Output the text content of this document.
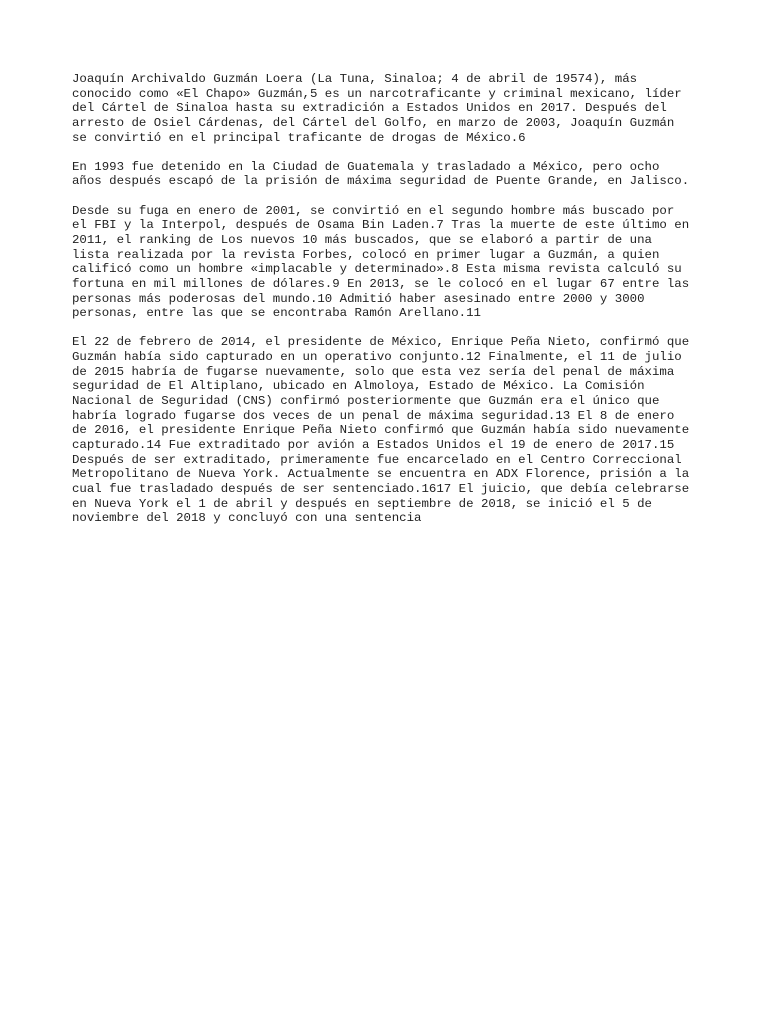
Joaquín Archivaldo Guzmán Loera (La Tuna, Sinaloa; 4 de abril de 19574), más
conocido como «El Chapo» Guzmán,5 es un narcotraficante y criminal mexicano, líder
del Cártel de Sinaloa hasta su extradición a Estados Unidos en 2017. Después del
arresto de Osiel Cárdenas, del Cártel del Golfo, en marzo de 2003, Joaquín Guzmán
se convirtió en el principal traficante de drogas de México.6

En 1993 fue detenido en la Ciudad de Guatemala y trasladado a México, pero ocho
años después escapó de la prisión de máxima seguridad de Puente Grande, en Jalisco.

Desde su fuga en enero de 2001, se convirtió en el segundo hombre más buscado por
el FBI y la Interpol, después de Osama Bin Laden.7 Tras la muerte de este último en
2011, el ranking de Los nuevos 10 más buscados, que se elaboró a partir de una
lista realizada por la revista Forbes, colocó en primer lugar a Guzmán, a quien
calificó como un hombre «implacable y determinado».8 Esta misma revista calculó su
fortuna en mil millones de dólares.9 En 2013, se le colocó en el lugar 67 entre las
personas más poderosas del mundo.10 Admitió haber asesinado entre 2000 y 3000
personas, entre las que se encontraba Ramón Arellano.11

El 22 de febrero de 2014, el presidente de México, Enrique Peña Nieto, confirmó que
Guzmán había sido capturado en un operativo conjunto.12 Finalmente, el 11 de julio
de 2015 habría de fugarse nuevamente, solo que esta vez sería del penal de máxima
seguridad de El Altiplano, ubicado en Almoloya, Estado de México. La Comisión
Nacional de Seguridad (CNS) confirmó posteriormente que Guzmán era el único que
habría logrado fugarse dos veces de un penal de máxima seguridad.13 El 8 de enero
de 2016, el presidente Enrique Peña Nieto confirmó que Guzmán había sido nuevamente
capturado.14 Fue extraditado por avión a Estados Unidos el 19 de enero de 2017.15
Después de ser extraditado, primeramente fue encarcelado en el Centro Correccional
Metropolitano de Nueva York. Actualmente se encuentra en ADX Florence, prisión a la
cual fue trasladado después de ser sentenciado.1617 El juicio, que debía celebrarse
en Nueva York el 1 de abril y después en septiembre de 2018, se inició el 5 de
noviembre del 2018 y concluyó con una sentencia
